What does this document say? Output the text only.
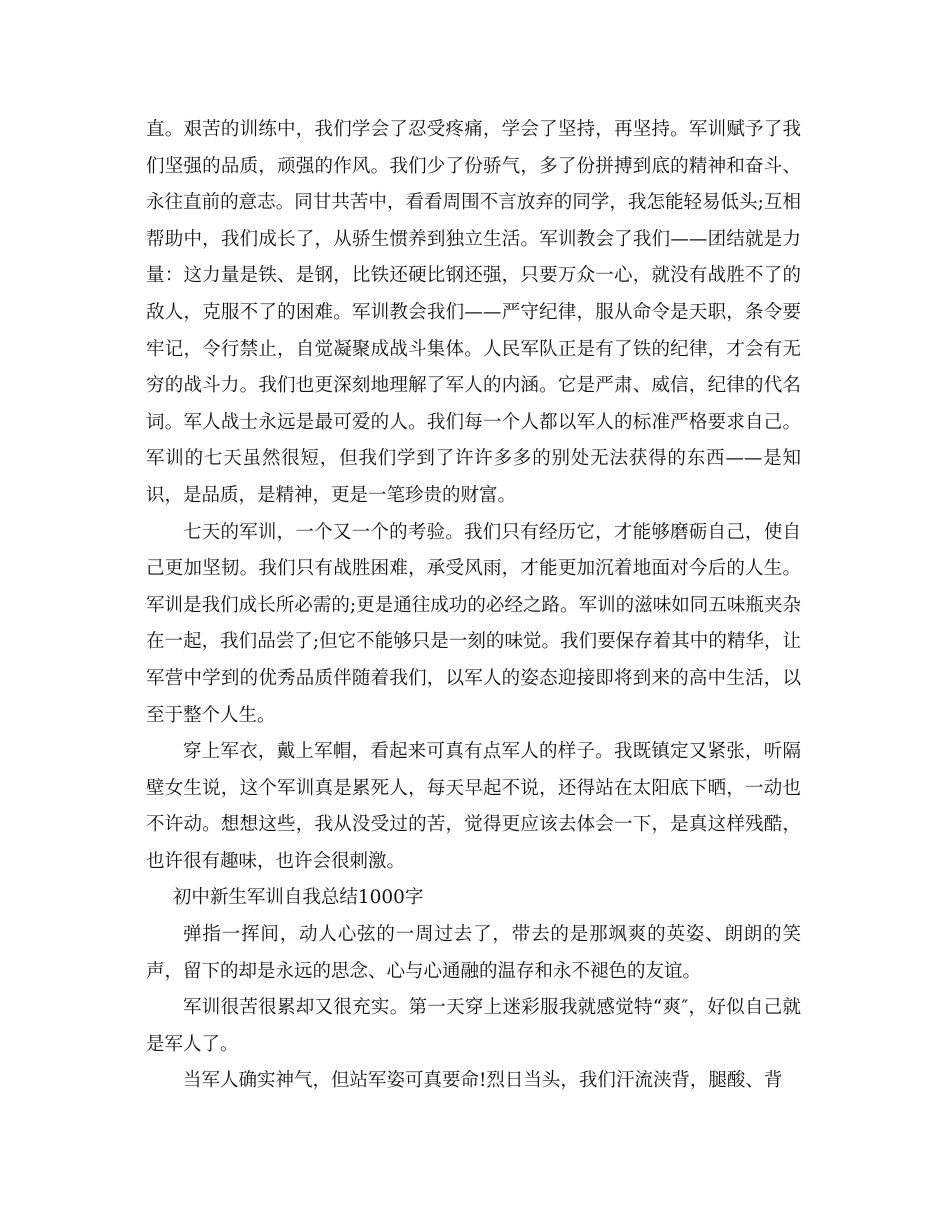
直。艰苦的训练中，我们学会了忍受疼痛，学会了坚持，再坚持。军训赋予了我们坚强的品质，顽强的作风。我们少了份骄气，多了份拼搏到底的精神和奋斗、永往直前的意志。同甘共苦中，看看周围不言放弃的同学，我怎能轻易低头;互相帮助中，我们成长了，从骄生惯养到独立生活。军训教会了我们——团结就是力量：这力量是铁、是钢，比铁还硬比钢还强，只要万众一心，就没有战胜不了的敌人，克服不了的困难。军训教会我们——严守纪律，服从命令是天职，条令要牢记，令行禁止，自觉凝聚成战斗集体。人民军队正是有了铁的纪律，才会有无穷的战斗力。我们也更深刻地理解了军人的内涵。它是严肃、威信，纪律的代名词。军人战士永远是最可爱的人。我们每一个人都以军人的标准严格要求自己。军训的七天虽然很短，但我们学到了许许多多的别处无法获得的东西——是知识，是品质，是精神，更是一笔珍贵的财富。

七天的军训，一个又一个的考验。我们只有经历它，才能够磨砺自己，使自己更加坚韧。我们只有战胜困难，承受风雨，才能更加沉着地面对今后的人生。军训是我们成长所必需的;更是通往成功的必经之路。军训的滋味如同五味瓶夹杂在一起，我们品尝了;但它不能够只是一刻的味觉。我们要保存着其中的精华，让军营中学到的优秀品质伴随着我们，以军人的姿态迎接即将到来的高中生活，以至于整个人生。

穿上军衣，戴上军帽，看起来可真有点军人的样子。我既镇定又紧张，听隔壁女生说，这个军训真是累死人，每天早起不说，还得站在太阳底下晒，一动也不许动。想想这些，我从没受过的苦，觉得更应该去体会一下，是真这样残酷，也许很有趣味，也许会很刺激。

初中新生军训自我总结1000字

弹指一挥间，动人心弦的一周过去了，带去的是那飒爽的英姿、朗朗的笑声，留下的却是永远的思念、心与心通融的温存和永不褪色的友谊。

军训很苦很累却又很充实。第一天穿上迷彩服我就感觉特“爽″，好似自己就是军人了。

当军人确实神气，但站军姿可真要命!烈日当头，我们汗流浃背，腿酸、背
